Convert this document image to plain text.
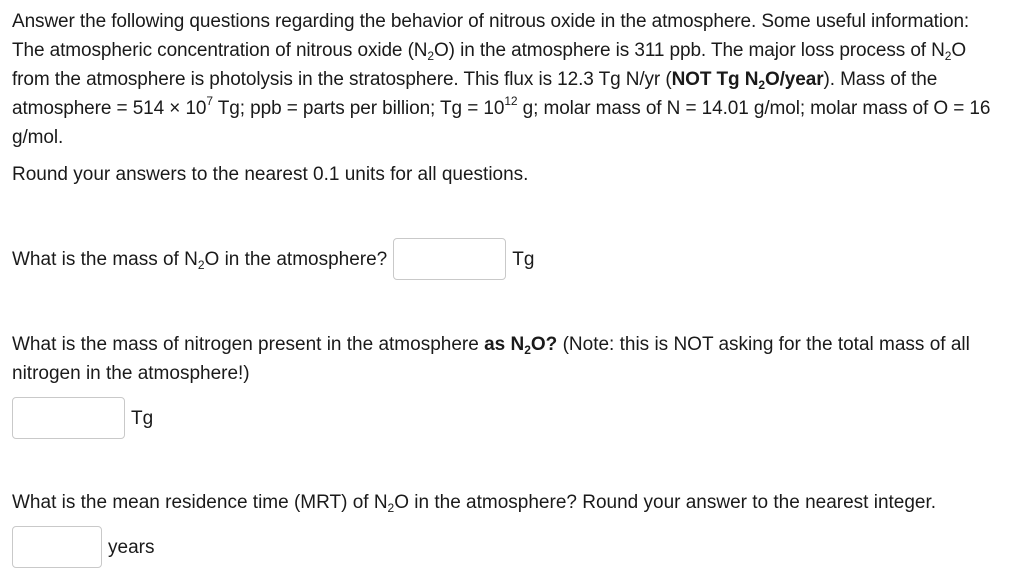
Answer the following questions regarding the behavior of nitrous oxide in the atmosphere. Some useful information: The atmospheric concentration of nitrous oxide $(N_2O)$ in the atmosphere is 311 ppb. The major loss process of $N_2O$ from the atmosphere is photolysis in the stratosphere. This flux is 12.3 Tg N/yr (NOT Tg $N_2O/year$). Mass of the atmosphere = $514 \times 10^7$ Tg; ppb = parts per billion; $Tg = 10^{12}$ g; molar mass of N = 14.01 g/mol; molar mass of O = 16 g/mol.

Round your answers to the nearest 0.1 units for all questions.

What is the mass of $N_2O$ in the atmosphere?	Tg

What is the mass of nitrogen present in the atmosphere as $N_2O$? (Note: this is NOT asking for the total mass of all nitrogen in the atmosphere!)

Tg

What is the mean residence time (MRT) of $N_2O$ in the atmosphere? Round your answer to the nearest integer.

years
